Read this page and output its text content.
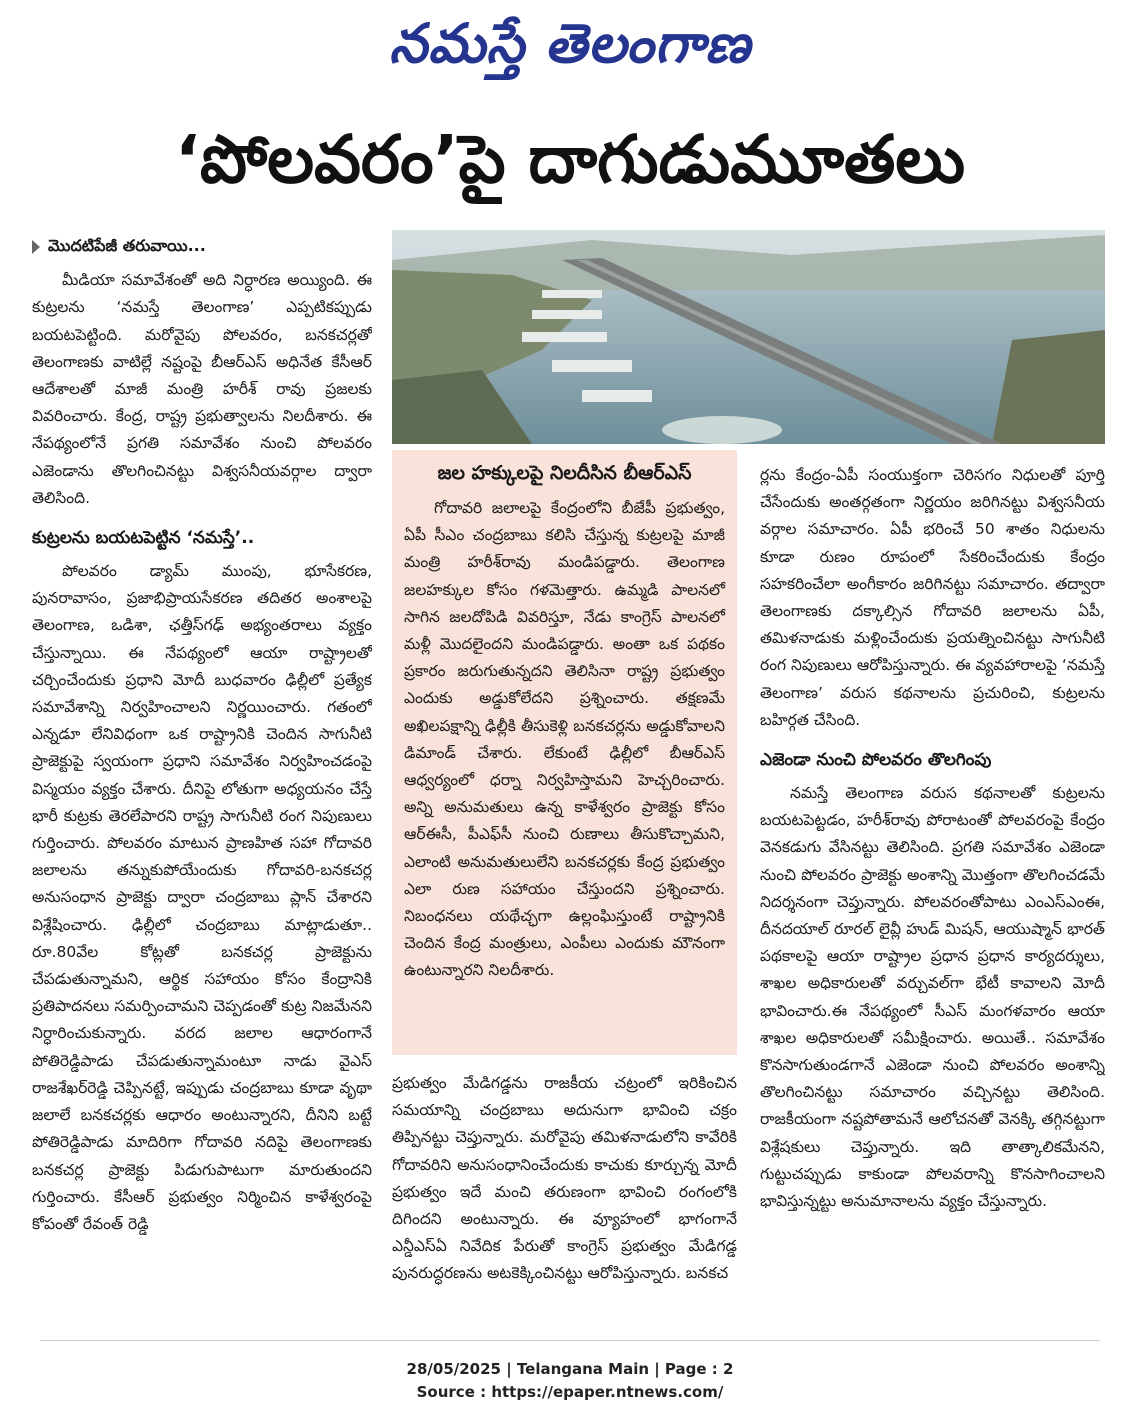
నమస్తే తెలంగాణ
‘పోలవరం’పై దాగుడుమూతలు
మొదటిపేజీ తరువాయి...

మీడియా సమావేశంతో అది నిర్ధారణ అయ్యింది. ఈ కుట్రలను ‘నమస్తే తెలంగాణ’ ఎప్పటికప్పుడు బయటపెట్టింది. మరోవైపు పోలవరం, బనకచర్లతో తెలంగాణకు వాటిల్లే నష్టంపై బీఆర్ఎస్ అధినేత కేసీఆర్ ఆదేశాలతో మాజీ మంత్రి హరీశ్ రావు ప్రజలకు వివరించారు. కేంద్ర, రాష్ట్ర ప్రభుత్వాలను నిలదీశారు. ఈ నేపథ్యంలోనే ప్రగతి సమావేశం నుంచి పోలవరం ఎజెండాను తొలగించినట్టు విశ్వసనీయవర్గాల ద్వారా తెలిసింది.

కుట్రలను బయటపెట్టిన ‘నమస్తే’..

పోలవరం డ్యామ్ ముంపు, భూసేకరణ, పునరావాసం, ప్రజాభిప్రాయసేకరణ తదితర అంశాలపై తెలంగాణ, ఒడిశా, ఛత్తీస్‌గఢ్ అభ్యంతరాలు వ్యక్తం చేస్తున్నాయి. ఈ నేపథ్యంలో ఆయా రాష్ట్రాలతో చర్చించేందుకు ప్రధాని మోదీ బుధవారం ఢిల్లీలో ప్రత్యేక సమావేశాన్ని నిర్వహించాలని నిర్ణయించారు. గతంలో ఎన్నడూ లేనివిధంగా ఒక రాష్ట్రానికి చెందిన సాగునీటి ప్రాజెక్టుపై స్వయంగా ప్రధాని సమావేశం నిర్వహించడంపై విస్మయం వ్యక్తం చేశారు. దీనిపై లోతుగా అధ్యయనం చేస్తే భారీ కుట్రకు తెరలేపారని రాష్ట్ర సాగునీటి రంగ నిపుణులు గుర్తించారు. పోలవరం మాటున ప్రాణహిత సహా గోదావరి జలాలను తన్నుకుపోయేందుకు గోదావరి-బనకచర్ల అనుసంధాన ప్రాజెక్టు ద్వారా చంద్రబాబు ప్లాన్ చేశారని విశ్లేషించారు. ఢిల్లీలో చంద్రబాబు మాట్లాడుతూ.. రూ.80వేల కోట్లతో బనకచర్ల ప్రాజెక్టును చేపడుతున్నామని, ఆర్థిక సహాయం కోసం కేంద్రానికి ప్రతిపాదనలు సమర్పించామని చెప్పడంతో కుట్ర నిజమేనని నిర్ధారించుకున్నారు. వరద జలాల ఆధారంగానే పోతిరెడ్డిపాడు చేపడుతున్నామంటూ నాడు వైఎస్ రాజశేఖర్‌రెడ్డి చెప్పినట్టే, ఇప్పుడు చంద్రబాబు కూడా వృథా జలాలే బనకచర్లకు ఆధారం అంటున్నారని, దీనిని బట్టే పోతిరెడ్డిపాడు మాదిరిగా గోదావరి నదిపై తెలంగాణకు బనకచర్ల ప్రాజెక్టు పిడుగుపాటుగా మారుతుందని గుర్తించారు. కేసీఆర్ ప్రభుత్వం నిర్మించిన కాళేశ్వరంపై కోపంతో రేవంత్ రెడ్డి

జల హక్కులపై నిలదీసిన బీఆర్ఎస్

గోదావరి జలాలపై కేంద్రంలోని బీజేపీ ప్రభుత్వం, ఏపీ సీఎం చంద్రబాబు కలిసి చేస్తున్న కుట్రలపై మాజీ మంత్రి హరీశ్‌రావు మండిపడ్డారు. తెలంగాణ జలహక్కుల కోసం గళమెత్తారు. ఉమ్మడి పాలనలో సాగిన జలదోపిడి వివరిస్తూ, నేడు కాంగ్రెస్ పాలనలో మళ్లీ మొదలైందని మండిపడ్డారు. అంతా ఒక పథకం ప్రకారం జరుగుతున్నదని తెలిసినా రాష్ట్ర ప్రభుత్వం ఎందుకు అడ్డుకోలేదని ప్రశ్నించారు. తక్షణమే అఖిలపక్షాన్ని ఢిల్లీకి తీసుకెళ్లి బనకచర్లను అడ్డుకోవాలని డిమాండ్ చేశారు. లేకుంటే ఢిల్లీలో బీఆర్ఎస్ ఆధ్వర్యంలో ధర్నా నిర్వహిస్తామని హెచ్చరించారు. అన్ని అనుమతులు ఉన్న కాళేశ్వరం ప్రాజెక్టు కోసం ఆర్ఈసీ, పీఎఫ్‌సీ నుంచి రుణాలు తీసుకొచ్చామని, ఎలాంటి అనుమతులులేని బనకచర్లకు కేంద్ర ప్రభుత్వం ఎలా రుణ సహాయం చేస్తుందని ప్రశ్నించారు. నిబంధనలు యథేచ్ఛగా ఉల్లంఘిస్తుంటే రాష్ట్రానికి చెందిన కేంద్ర మంత్రులు, ఎంపీలు ఎందుకు మౌనంగా ఉంటున్నారని నిలదీశారు.

ప్రభుత్వం మేడిగడ్డను రాజకీయ చట్రంలో ఇరికించిన సమయాన్ని చంద్రబాబు అదునుగా భావించి చక్రం తిప్పినట్టు చెప్తున్నారు. మరోవైపు తమిళనాడులోని కావేరికి గోదావరిని అనుసంధానించేందుకు కాచుకు కూర్చున్న మోదీ ప్రభుత్వం ఇదే మంచి తరుణంగా భావించి రంగంలోకి దిగిందని అంటున్నారు. ఈ వ్యూహంలో భాగంగానే ఎన్డీఎస్ఏ నివేదిక పేరుతో కాంగ్రెస్ ప్రభుత్వం మేడిగడ్డ పునరుద్ధరణను అటకెక్కించినట్టు ఆరోపిస్తున్నారు. బనకచ

ర్లను కేంద్రం-ఏపీ సంయుక్తంగా చెరిసగం నిధులతో పూర్తి చేసేందుకు అంతర్గతంగా నిర్ణయం జరిగినట్టు విశ్వసనీయ వర్గాల సమాచారం. ఏపీ భరించే 50 శాతం నిధులను కూడా రుణం రూపంలో సేకరించేందుకు కేంద్రం సహకరించేలా అంగీకారం జరిగినట్టు సమాచారం. తద్వారా తెలంగాణకు దక్కాల్సిన గోదావరి జలాలను ఏపీ, తమిళనాడుకు మళ్లించేందుకు ప్రయత్నించినట్టు సాగునీటి రంగ నిపుణులు ఆరోపిస్తున్నారు. ఈ వ్యవహారాలపై ‘నమస్తే తెలంగాణ’ వరుస కథనాలను ప్రచురించి, కుట్రలను బహిర్గత చేసింది.

ఎజెండా నుంచి పోలవరం తొలగింపు

నమస్తే తెలంగాణ వరుస కథనాలతో కుట్రలను బయటపెట్టడం, హరీశ్‌రావు పోరాటంతో పోలవరంపై కేంద్రం వెనకడుగు వేసినట్టు తెలిసింది. ప్రగతి సమావేశం ఎజెండా నుంచి పోలవరం ప్రాజెక్టు అంశాన్ని మొత్తంగా తొలగించడమే నిదర్శనంగా చెప్తున్నారు. పోలవరంతోపాటు ఎంఎస్ఎంఈ, దీనదయాల్ రూరల్ లైవ్లీ హుడ్ మిషన్, ఆయుష్మాన్ భారత్ పథకాలపై ఆయా రాష్ట్రాల ప్రధాన ప్రధాన కార్యదర్శులు, శాఖల అధికారులతో వర్చువల్‌గా భేటీ కావాలని మోదీ భావించారు.ఈ నేపథ్యంలో సీఎస్ మంగళవారం ఆయా శాఖల అధికారులతో సమీక్షించారు. అయితే.. సమావేశం కొనసాగుతుండగానే ఎజెండా నుంచి పోలవరం అంశాన్ని తొలగించినట్టు సమాచారం వచ్చినట్టు తెలిసింది. రాజకీయంగా నష్టపోతామనే ఆలోచనతో వెనక్కి తగ్గినట్టుగా విశ్లేషకులు చెప్తున్నారు. ఇది తాత్కాలికమేనని, గుట్టుచప్పుడు కాకుండా పోలవరాన్ని కొనసాగించాలని భావిస్తున్నట్టు అనుమానాలను వ్యక్తం చేస్తున్నారు.

28/05/2025 | Telangana Main | Page : 2
Source : https://epaper.ntnews.com/
